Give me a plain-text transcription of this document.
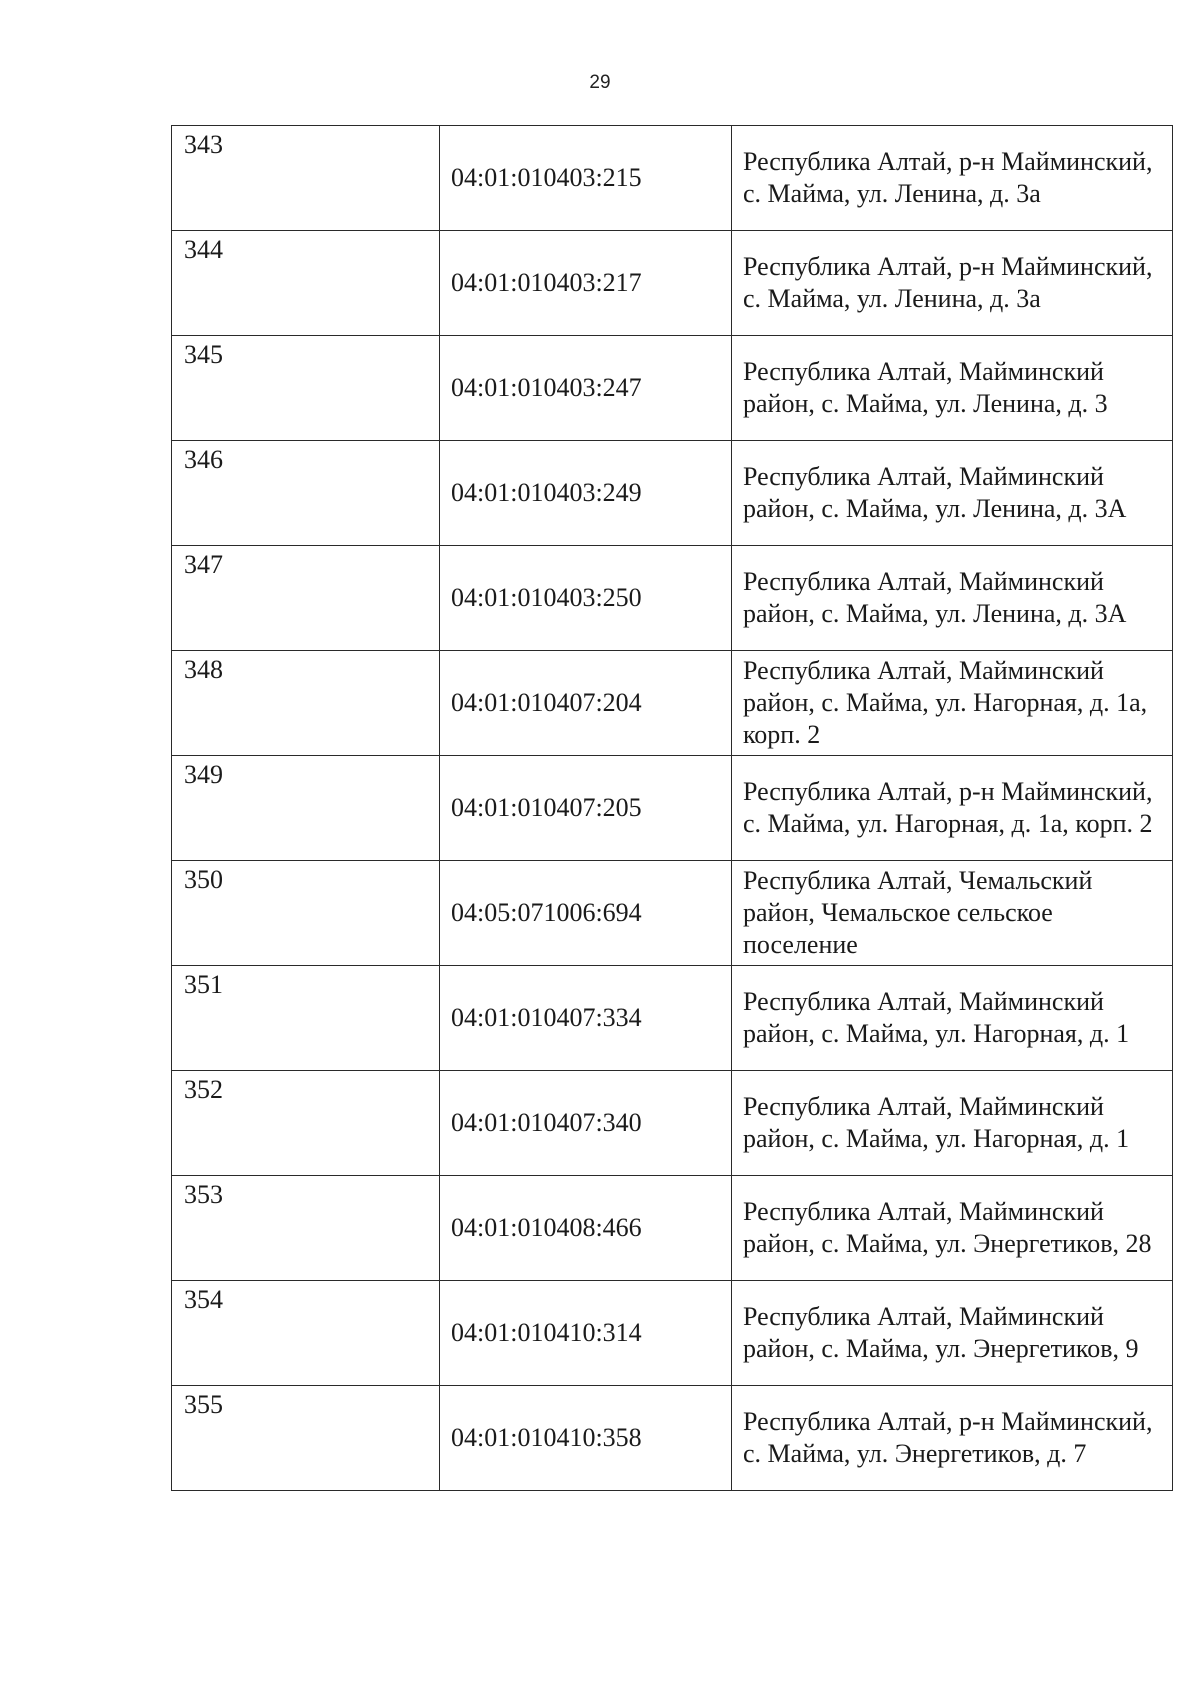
29
343	04:01:010403:215	Республика Алтай, р-н Майминский, с. Майма, ул. Ленина, д. 3а

344	04:01:010403:217	Республика Алтай, р-н Майминский, с. Майма, ул. Ленина, д. 3а

345	04:01:010403:247	Республика Алтай, Майминский район, с. Майма, ул. Ленина, д. 3

346	04:01:010403:249	Республика Алтай, Майминский район, с. Майма, ул. Ленина, д. 3А

347	04:01:010403:250	Республика Алтай, Майминский район, с. Майма, ул. Ленина, д. 3А

348	04:01:010407:204	Республика Алтай, Майминский район, с. Майма, ул. Нагорная, д. 1а, корп. 2

349	04:01:010407:205	Республика Алтай, р-н Майминский, с. Майма, ул. Нагорная, д. 1а, корп. 2

350	04:05:071006:694	Республика Алтай, Чемальский район, Чемальское сельское поселение

351	04:01:010407:334	Республика Алтай, Майминский район, с. Майма, ул. Нагорная, д. 1

352	04:01:010407:340	Республика Алтай, Майминский район, с. Майма, ул. Нагорная, д. 1

353	04:01:010408:466	Республика Алтай, Майминский район, с. Майма, ул. Энергетиков, 28

354	04:01:010410:314	Республика Алтай, Майминский район, с. Майма, ул. Энергетиков, 9

355	04:01:010410:358	Республика Алтай, р-н Майминский, с. Майма, ул. Энергетиков, д. 7
